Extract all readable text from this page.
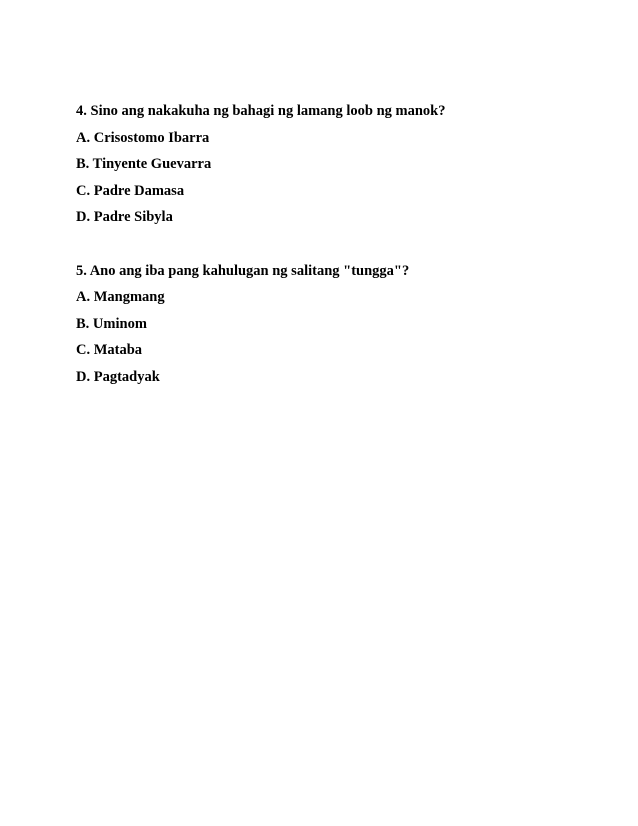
4. Sino ang nakakuha ng bahagi ng lamang loob ng manok?
A. Crisostomo Ibarra
B. Tinyente Guevarra
C. Padre Damasa
D. Padre Sibyla
5. Ano ang iba pang kahulugan ng salitang "tungga"?
A. Mangmang
B. Uminom
C. Mataba
D. Pagtadyak
